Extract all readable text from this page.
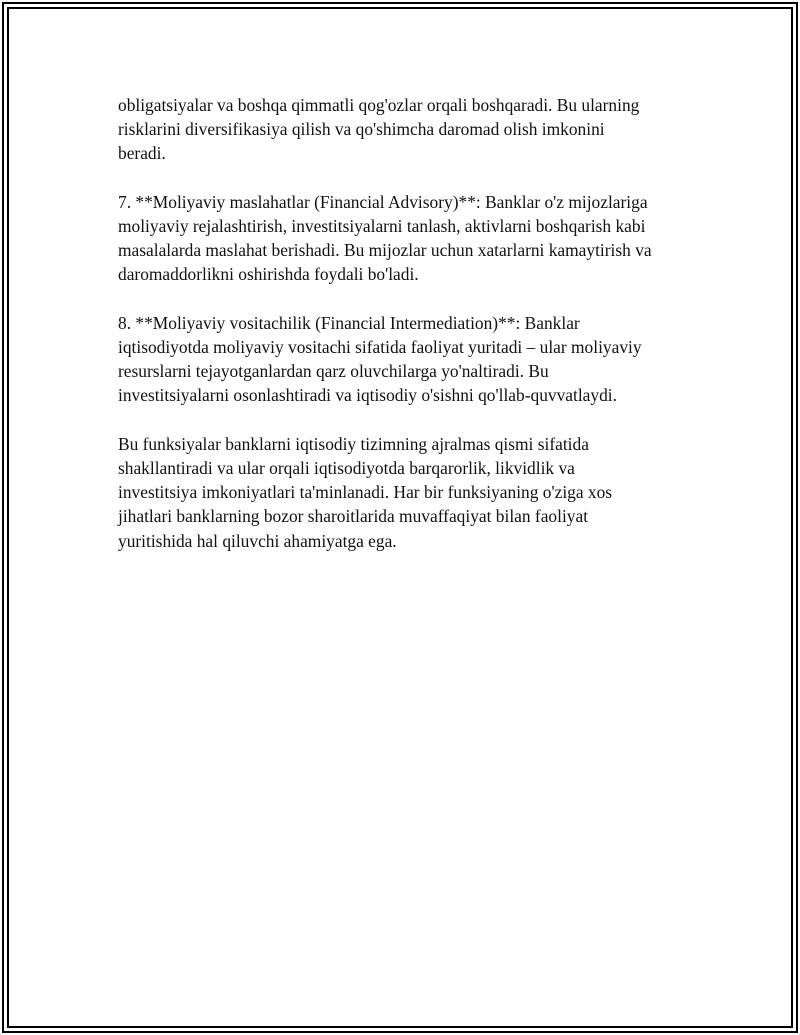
obligatsiyalar va boshqa qimmatli qog'ozlar orqali boshqaradi. Bu ularning
risklarini diversifikasiya qilish va qo'shimcha daromad olish imkonini
beradi.

7. **Moliyaviy maslahatlar (Financial Advisory)**: Banklar o'z mijozlariga
moliyaviy rejalashtirish, investitsiyalarni tanlash, aktivlarni boshqarish kabi
masalalarda maslahat berishadi. Bu mijozlar uchun xatarlarni kamaytirish va
daromaddorlikni oshirishda foydali bo'ladi.

8. **Moliyaviy vositachilik (Financial Intermediation)**: Banklar
iqtisodiyotda moliyaviy vositachi sifatida faoliyat yuritadi – ular moliyaviy
resurslarni tejayotganlardan qarz oluvchilarga yo'naltiradi. Bu
investitsiyalarni osonlashtiradi va iqtisodiy o'sishni qo'llab-quvvatlaydi.

Bu funksiyalar banklarni iqtisodiy tizimning ajralmas qismi sifatida
shakllantiradi va ular orqali iqtisodiyotda barqarorlik, likvidlik va
investitsiya imkoniyatlari ta'minlanadi. Har bir funksiyaning o'ziga xos
jihatlari banklarning bozor sharoitlarida muvaffaqiyat bilan faoliyat
yuritishida hal qiluvchi ahamiyatga ega.
